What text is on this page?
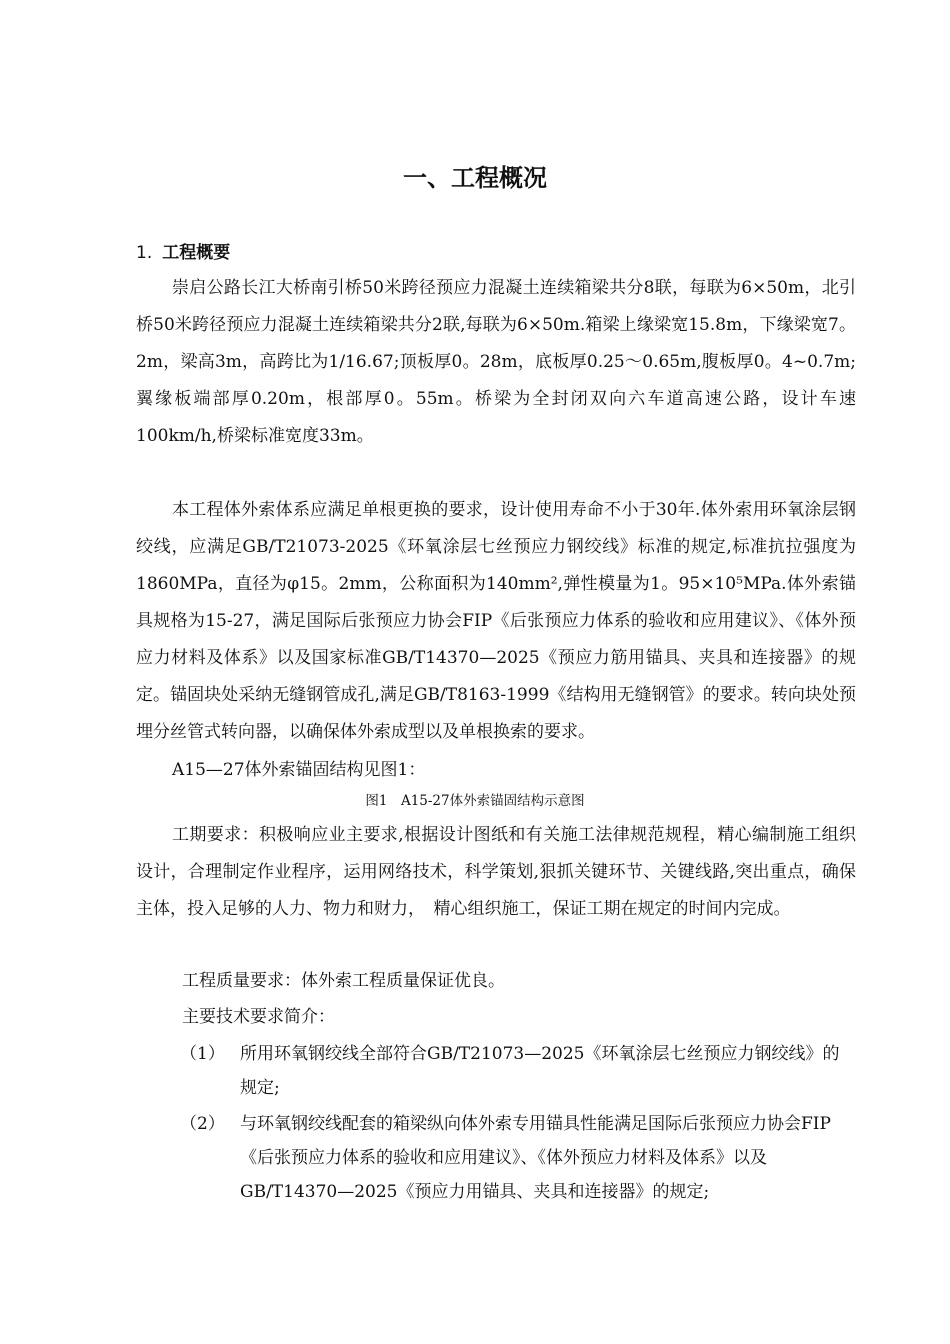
一、工程概况
1. 工程概要
崇启公路长江大桥南引桥50米跨径预应力混凝土连续箱梁共分8联，每联为6×50m，北引桥50米跨径预应力混凝土连续箱梁共分2联,每联为6×50m.箱梁上缘梁宽15.8m，下缘梁宽7。2m，梁高3m，高跨比为1/16.67;顶板厚0。28m，底板厚0.25～0.65m,腹板厚0。4~0.7m;翼缘板端部厚0.20m，根部厚0。55m。桥梁为全封闭双向六车道高速公路，设计车速100km/h,桥梁标准宽度33m。
本工程体外索体系应满足单根更换的要求，设计使用寿命不小于30年.体外索用环氧涂层钢绞线，应满足GB/T21073-2025《环氧涂层七丝预应力钢绞线》标准的规定,标准抗拉强度为1860MPa，直径为φ15。2mm，公称面积为140mm²,弹性模量为1。95×10⁵MPa.体外索锚具规格为15-27，满足国际后张预应力协会FIP《后张预应力体系的验收和应用建议》、《体外预应力材料及体系》以及国家标准GB/T14370—2025《预应力筋用锚具、夹具和连接器》的规定。锚固块处采纳无缝钢管成孔,满足GB/T8163-1999《结构用无缝钢管》的要求。转向块处预埋分丝管式转向器，以确保体外索成型以及单根换索的要求。
A15—27体外索锚固结构见图1：
图1　A15-27体外索锚固结构示意图
工期要求：积极响应业主要求,根据设计图纸和有关施工法律规范规程，精心编制施工组织设计，合理制定作业程序，运用网络技术，科学策划,狠抓关键环节、关键线路,突出重点，确保主体，投入足够的人力、物力和财力，　精心组织施工，保证工期在规定的时间内完成。
工程质量要求：体外索工程质量保证优良。
主要技术要求简介：
（1） 所用环氧钢绞线全部符合GB/T21073—2025《环氧涂层七丝预应力钢绞线》的规定;
（2） 与环氧钢绞线配套的箱梁纵向体外索专用锚具性能满足国际后张预应力协会FIP《后张预应力体系的验收和应用建议》、《体外预应力材料及体系》以及GB/T14370—2025《预应力用锚具、夹具和连接器》的规定;
